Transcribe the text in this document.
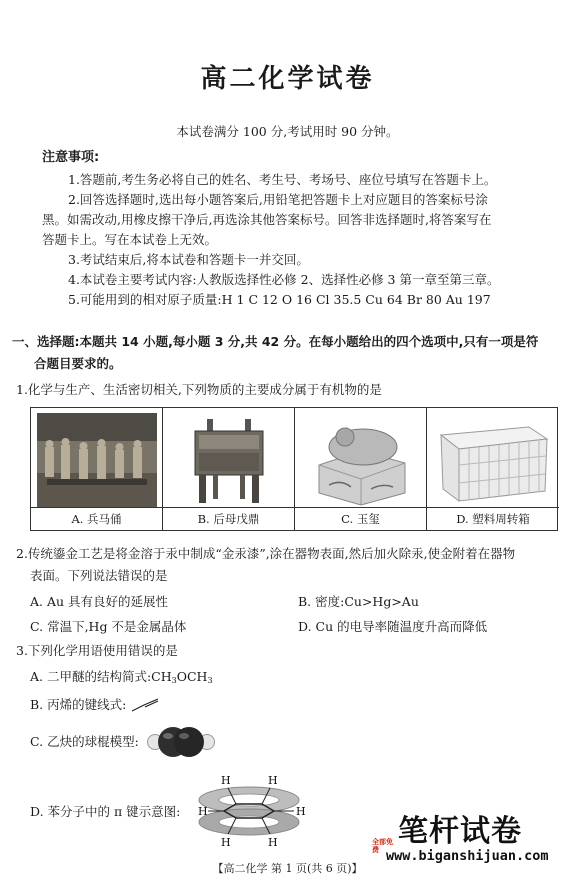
高二化学试卷
本试卷满分 100 分,考试用时 90 分钟。
注意事项:
1.答题前,考生务必将自己的姓名、考生号、考场号、座位号填写在答题卡上。
2.回答选择题时,选出每小题答案后,用铅笔把答题卡上对应题目的答案标号涂
黑。如需改动,用橡皮擦干净后,再选涂其他答案标号。回答非选择题时,将答案写在
答题卡上。写在本试卷上无效。
3.考试结束后,将本试卷和答题卡一并交回。
4.本试卷主要考试内容:人教版选择性必修 2、选择性必修 3 第一章至第三章。
5.可能用到的相对原子质量:H 1 C 12 O 16 Cl 35.5 Cu 64 Br 80 Au 197
一、选择题:本题共 14 小题,每小题 3 分,共 42 分。在每小题给出的四个选项中,只有一项是符
合题目要求的。
1.化学与生产、生活密切相关,下列物质的主要成分属于有机物的是
A. 兵马俑	B. 后母戊鼎	C. 玉玺	D. 塑料周转箱
2.传统鎏金工艺是将金溶于汞中制成“金汞漆”,涂在器物表面,然后加火除汞,使金附着在器物
表面。下列说法错误的是
A. Au 具有良好的延展性	B. 密度:Cu>Hg>Au
C. 常温下,Hg 不是金属晶体	D. Cu 的电导率随温度升高而降低
3.下列化学用语使用错误的是
A. 二甲醚的结构简式$:CH_3OCH_3$
B. 丙烯的键线式:
C. 乙炔的球棍模型:
D. 苯分子中的 π 键示意图:
H	H
H	H
H	H
【高二化学 第 1 页(共 6 页)】
笔杆试卷
全部免费 www.biganshijuan.com
